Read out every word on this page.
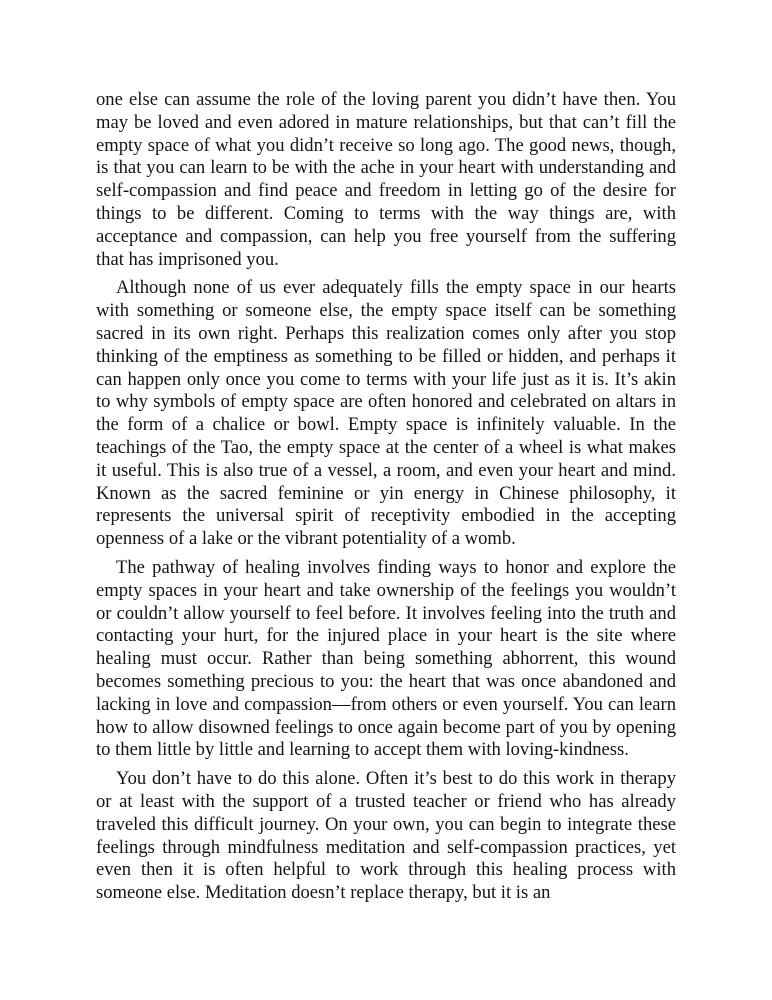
one else can assume the role of the loving parent you didn’t have then. You may be loved and even adored in mature relationships, but that can’t fill the empty space of what you didn’t receive so long ago. The good news, though, is that you can learn to be with the ache in your heart with understanding and self-compassion and find peace and freedom in letting go of the desire for things to be different. Coming to terms with the way things are, with acceptance and compassion, can help you free yourself from the suffering that has imprisoned you.

Although none of us ever adequately fills the empty space in our hearts with something or someone else, the empty space itself can be something sacred in its own right. Perhaps this realization comes only after you stop thinking of the emptiness as something to be filled or hidden, and perhaps it can happen only once you come to terms with your life just as it is. It’s akin to why symbols of empty space are often honored and celebrated on altars in the form of a chalice or bowl. Empty space is infinitely valuable. In the teachings of the Tao, the empty space at the center of a wheel is what makes it useful. This is also true of a vessel, a room, and even your heart and mind. Known as the sacred feminine or yin energy in Chinese philosophy, it represents the universal spirit of receptivity embodied in the accepting openness of a lake or the vibrant potentiality of a womb.

The pathway of healing involves finding ways to honor and explore the empty spaces in your heart and take ownership of the feelings you wouldn’t or couldn’t allow yourself to feel before. It involves feeling into the truth and contacting your hurt, for the injured place in your heart is the site where healing must occur. Rather than being something abhorrent, this wound becomes something precious to you: the heart that was once abandoned and lacking in love and compassion—from others or even yourself. You can learn how to allow disowned feelings to once again become part of you by opening to them little by little and learning to accept them with loving-kindness.

You don’t have to do this alone. Often it’s best to do this work in therapy or at least with the support of a trusted teacher or friend who has already traveled this difficult journey. On your own, you can begin to integrate these feelings through mindfulness meditation and self-compassion practices, yet even then it is often helpful to work through this healing process with someone else. Meditation doesn’t replace therapy, but it is an
